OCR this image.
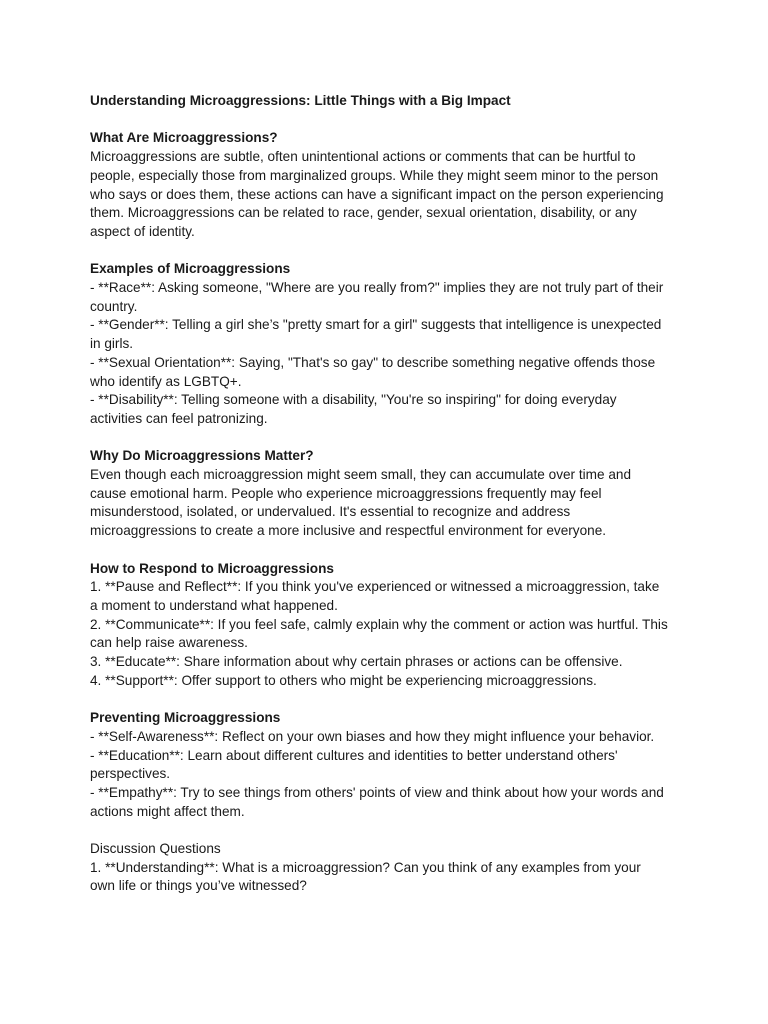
Understanding Microaggressions: Little Things with a Big Impact
What Are Microaggressions?
Microaggressions are subtle, often unintentional actions or comments that can be hurtful to
people, especially those from marginalized groups. While they might seem minor to the person
who says or does them, these actions can have a significant impact on the person experiencing
them. Microaggressions can be related to race, gender, sexual orientation, disability, or any
aspect of identity.
Examples of Microaggressions
- **Race**: Asking someone, "Where are you really from?" implies they are not truly part of their
country.
- **Gender**: Telling a girl she’s "pretty smart for a girl" suggests that intelligence is unexpected
in girls.
- **Sexual Orientation**: Saying, "That's so gay" to describe something negative offends those
who identify as LGBTQ+.
- **Disability**: Telling someone with a disability, "You're so inspiring" for doing everyday
activities can feel patronizing.
Why Do Microaggressions Matter?
Even though each microaggression might seem small, they can accumulate over time and
cause emotional harm. People who experience microaggressions frequently may feel
misunderstood, isolated, or undervalued. It's essential to recognize and address
microaggressions to create a more inclusive and respectful environment for everyone.
How to Respond to Microaggressions
1. **Pause and Reflect**: If you think you've experienced or witnessed a microaggression, take
a moment to understand what happened.
2. **Communicate**: If you feel safe, calmly explain why the comment or action was hurtful. This
can help raise awareness.
3. **Educate**: Share information about why certain phrases or actions can be offensive.
4. **Support**: Offer support to others who might be experiencing microaggressions.
Preventing Microaggressions
- **Self-Awareness**: Reflect on your own biases and how they might influence your behavior.
- **Education**: Learn about different cultures and identities to better understand others'
perspectives.
- **Empathy**: Try to see things from others' points of view and think about how your words and
actions might affect them.
Discussion Questions
1. **Understanding**: What is a microaggression? Can you think of any examples from your
own life or things you’ve witnessed?
